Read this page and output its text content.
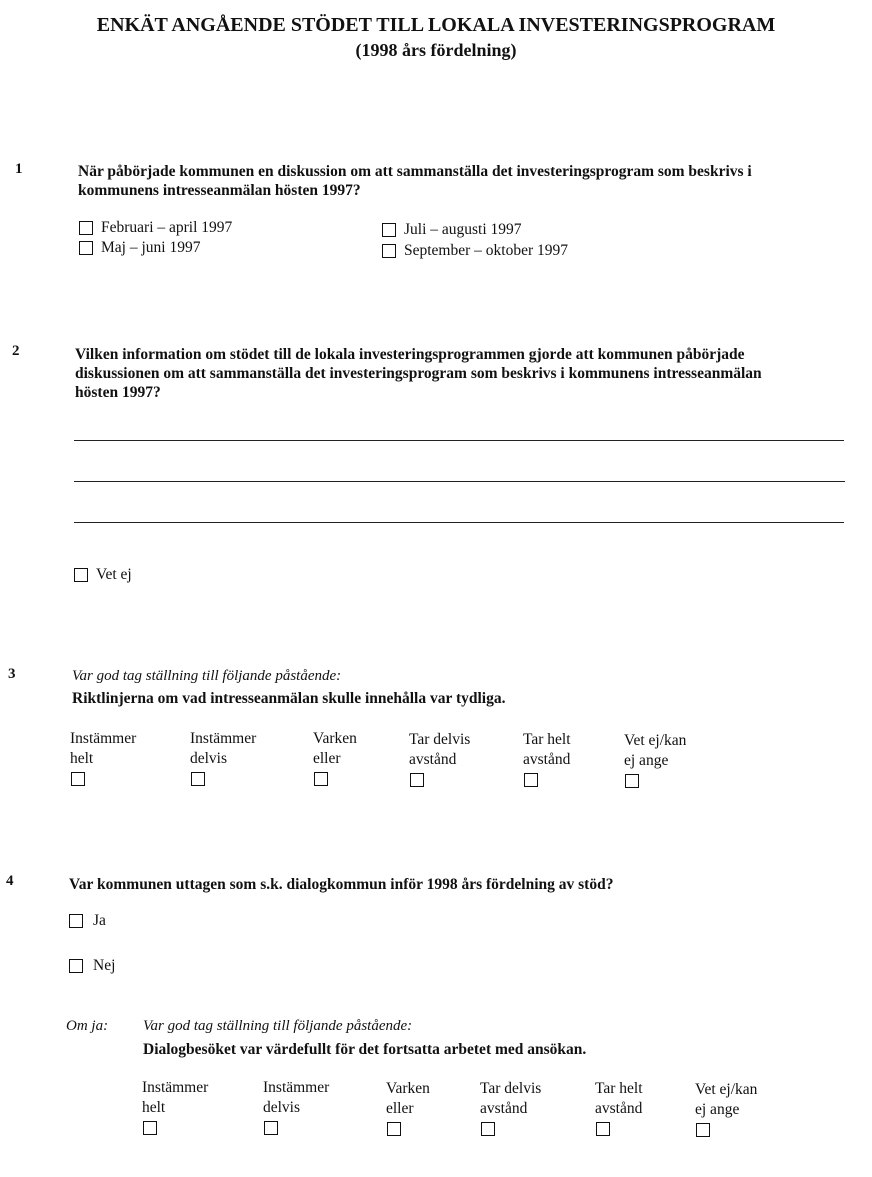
ENKÄT ANGÅENDE STÖDET TILL LOKALA INVESTERINGSPROGRAM
(1998 års fördelning)
1	När påbörjade kommunen en diskussion om att sammanställa det investeringsprogram som beskrivs i
kommunens intresseanmälan hösten 1997?
Februari – april 1997
Maj – juni 1997
Juli – augusti 1997
September – oktober 1997
2	Vilken information om stödet till de lokala investeringsprogrammen gjorde att kommunen påbörjade
diskussionen om att sammanställa det investeringsprogram som beskrivs i kommunens intresseanmälan
hösten 1997?
Vet ej
3	Var god tag ställning till följande påstående:
Riktlinjerna om vad intresseanmälan skulle innehålla var tydliga.
Instämmer
helt
Instämmer
delvis
Varken
eller
Tar delvis
avstånd
Tar helt
avstånd
Vet ej/kan
ej ange
4	Var kommunen uttagen som s.k. dialogkommun inför 1998 års fördelning av stöd?
Ja
Nej
Om ja: Var god tag ställning till följande påstående:
Dialogbesöket var värdefullt för det fortsatta arbetet med ansökan.
Instämmer
helt
Instämmer
delvis
Varken
eller
Tar delvis
avstånd
Tar helt
avstånd
Vet ej/kan
ej ange
